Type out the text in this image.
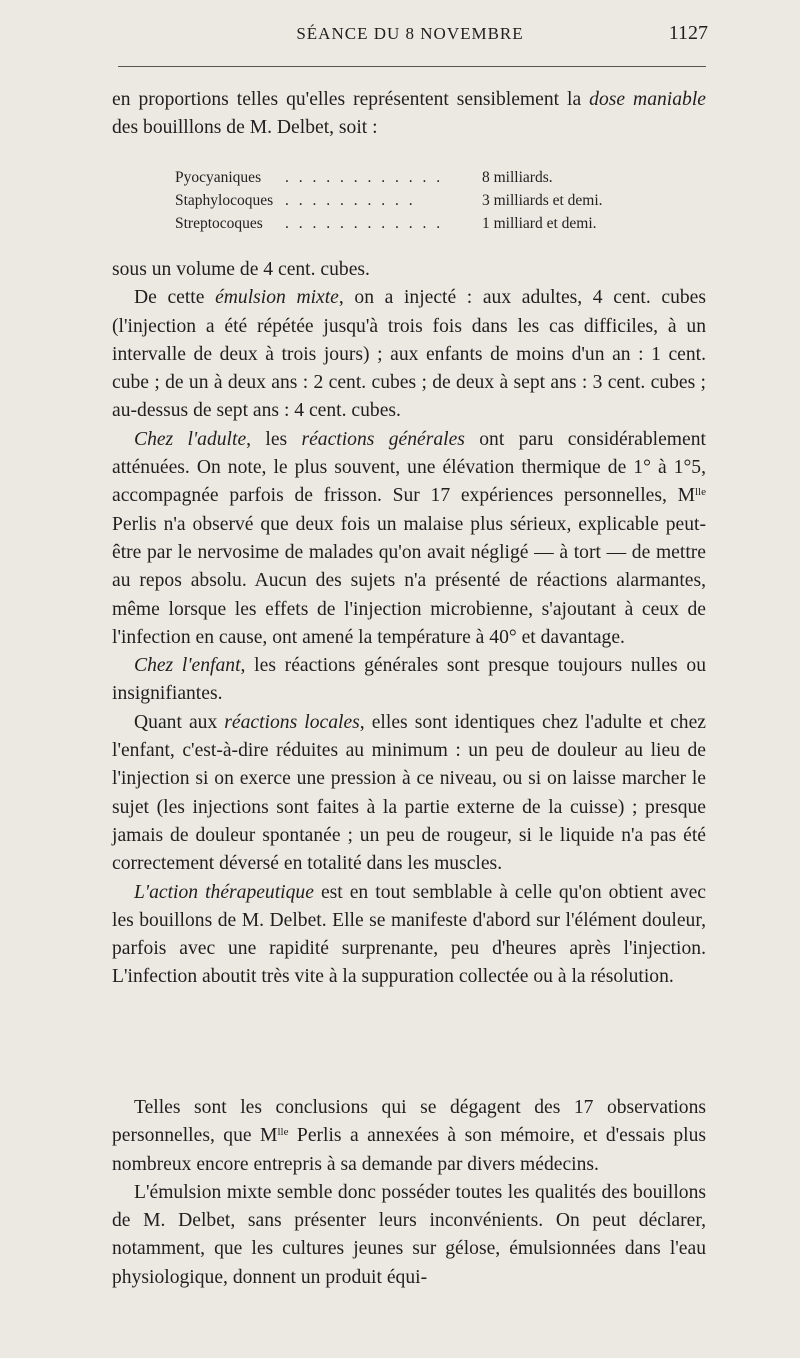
SÉANCE DU 8 NOVEMBRE	1127

en proportions telles qu'elles représentent sensiblement la dose maniable des bouilllons de M. Delbet, soit :

Pyocyaniques . . . . . . . . . . . .	8 milliards.
Staphylocoques . . . . . . . . . .	3 milliards et demi.
Streptocoques . . . . . . . . . . . .	1 milliard et demi.

sous un volume de 4 cent. cubes.

De cette émulsion mixte, on a injecté : aux adultes, 4 cent. cubes (l'injection a été répétée jusqu'à trois fois dans les cas difficiles, à un intervalle de deux à trois jours) ; aux enfants de moins d'un an : 1 cent. cube ; de un à deux ans : 2 cent. cubes ; de deux à sept ans : 3 cent. cubes ; au-dessus de sept ans : 4 cent. cubes.

Chez l'adulte, les réactions générales ont paru considérablement atténuées. On note, le plus souvent, une élévation thermique de 1° à 1°5, accompagnée parfois de frisson. Sur 17 expériences personnelles, $M^{lle}$ Perlis n'a observé que deux fois un malaise plus sérieux, explicable peut-être par le nervosime de malades qu'on avait négligé — à tort — de mettre au repos absolu. Aucun des sujets n'a présenté de réactions alarmantes, même lorsque les effets de l'injection microbienne, s'ajoutant à ceux de l'infection en cause, ont amené la température à 40° et davantage.

Chez l'enfant, les réactions générales sont presque toujours nulles ou insignifiantes.

Quant aux réactions locales, elles sont identiques chez l'adulte et chez l'enfant, c'est-à-dire réduites au minimum : un peu de douleur au lieu de l'injection si on exerce une pression à ce niveau, ou si on laisse marcher le sujet (les injections sont faites à la partie externe de la cuisse) ; presque jamais de douleur spontanée ; un peu de rougeur, si le liquide n'a pas été correctement déversé en totalité dans les muscles.

L'action thérapeutique est en tout semblable à celle qu'on obtient avec les bouillons de M. Delbet. Elle se manifeste d'abord sur l'élément douleur, parfois avec une rapidité surprenante, peu d'heures après l'injection. L'infection aboutit très vite à la suppuration collectée ou à la résolution.

Telles sont les conclusions qui se dégagent des 17 observations personnelles, que $M^{lle}$ Perlis a annexées à son mémoire, et d'essais plus nombreux encore entrepris à sa demande par divers médecins.

L'émulsion mixte semble donc posséder toutes les qualités des bouillons de M. Delbet, sans présenter leurs inconvénients. On peut déclarer, notamment, que les cultures jeunes sur gélose, émulsionnées dans l'eau physiologique, donnent un produit équi-
